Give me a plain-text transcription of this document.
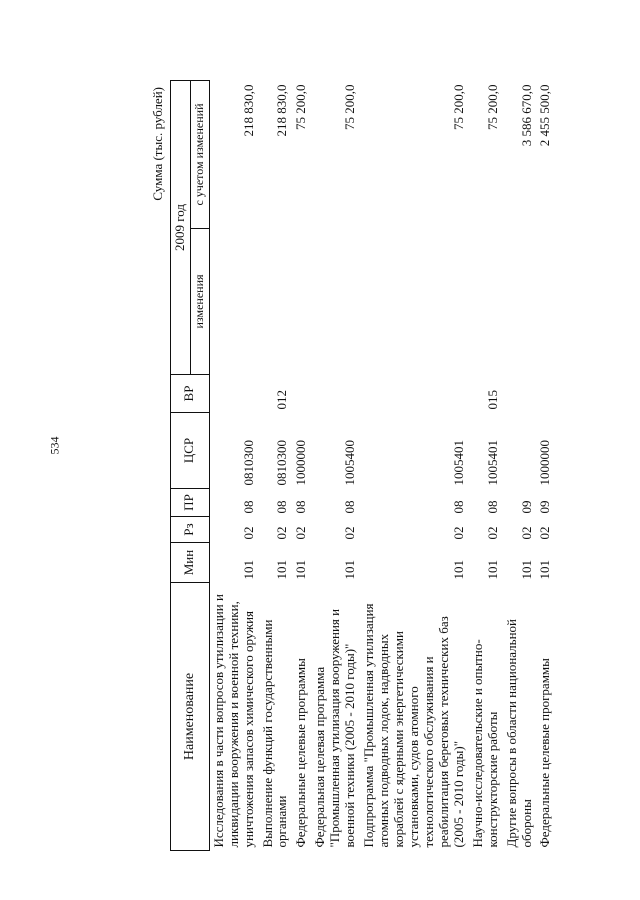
534
Сумма (тыс. рублей)
Наименование	Мин	Рз	ПР	ЦСР	ВР	2009 год	
						изменения	с учетом изменений
Исследования в части вопросов утилизации и ликвидации вооружения и военной техники, уничтожения запасов химического оружия	101	02	08	0810300			218 830,0
Выполнение функций государственными органами	101	02	08	0810300	012		218 830,0
Федеральные целевые программы	101	02	08	1000000			75 200,0
Федеральная целевая программа "Промышленная утилизация вооружения и военной техники (2005 - 2010 годы)"	101	02	08	1005400			75 200,0
Подпрограмма "Промышленная утилизация атомных подводных лодок, надводных кораблей с ядерными энергетическими установками, судов атомного технологического обслуживания и реабилитация береговых технических баз (2005 - 2010 годы)"	101	02	08	1005401			75 200,0
Научно-исследовательские и опытно-конструкторские работы	101	02	08	1005401	015		75 200,0
Другие вопросы в области национальной обороны	101	02	09				3 586 670,0
Федеральные целевые программы	101	02	09	1000000			2 455 500,0
